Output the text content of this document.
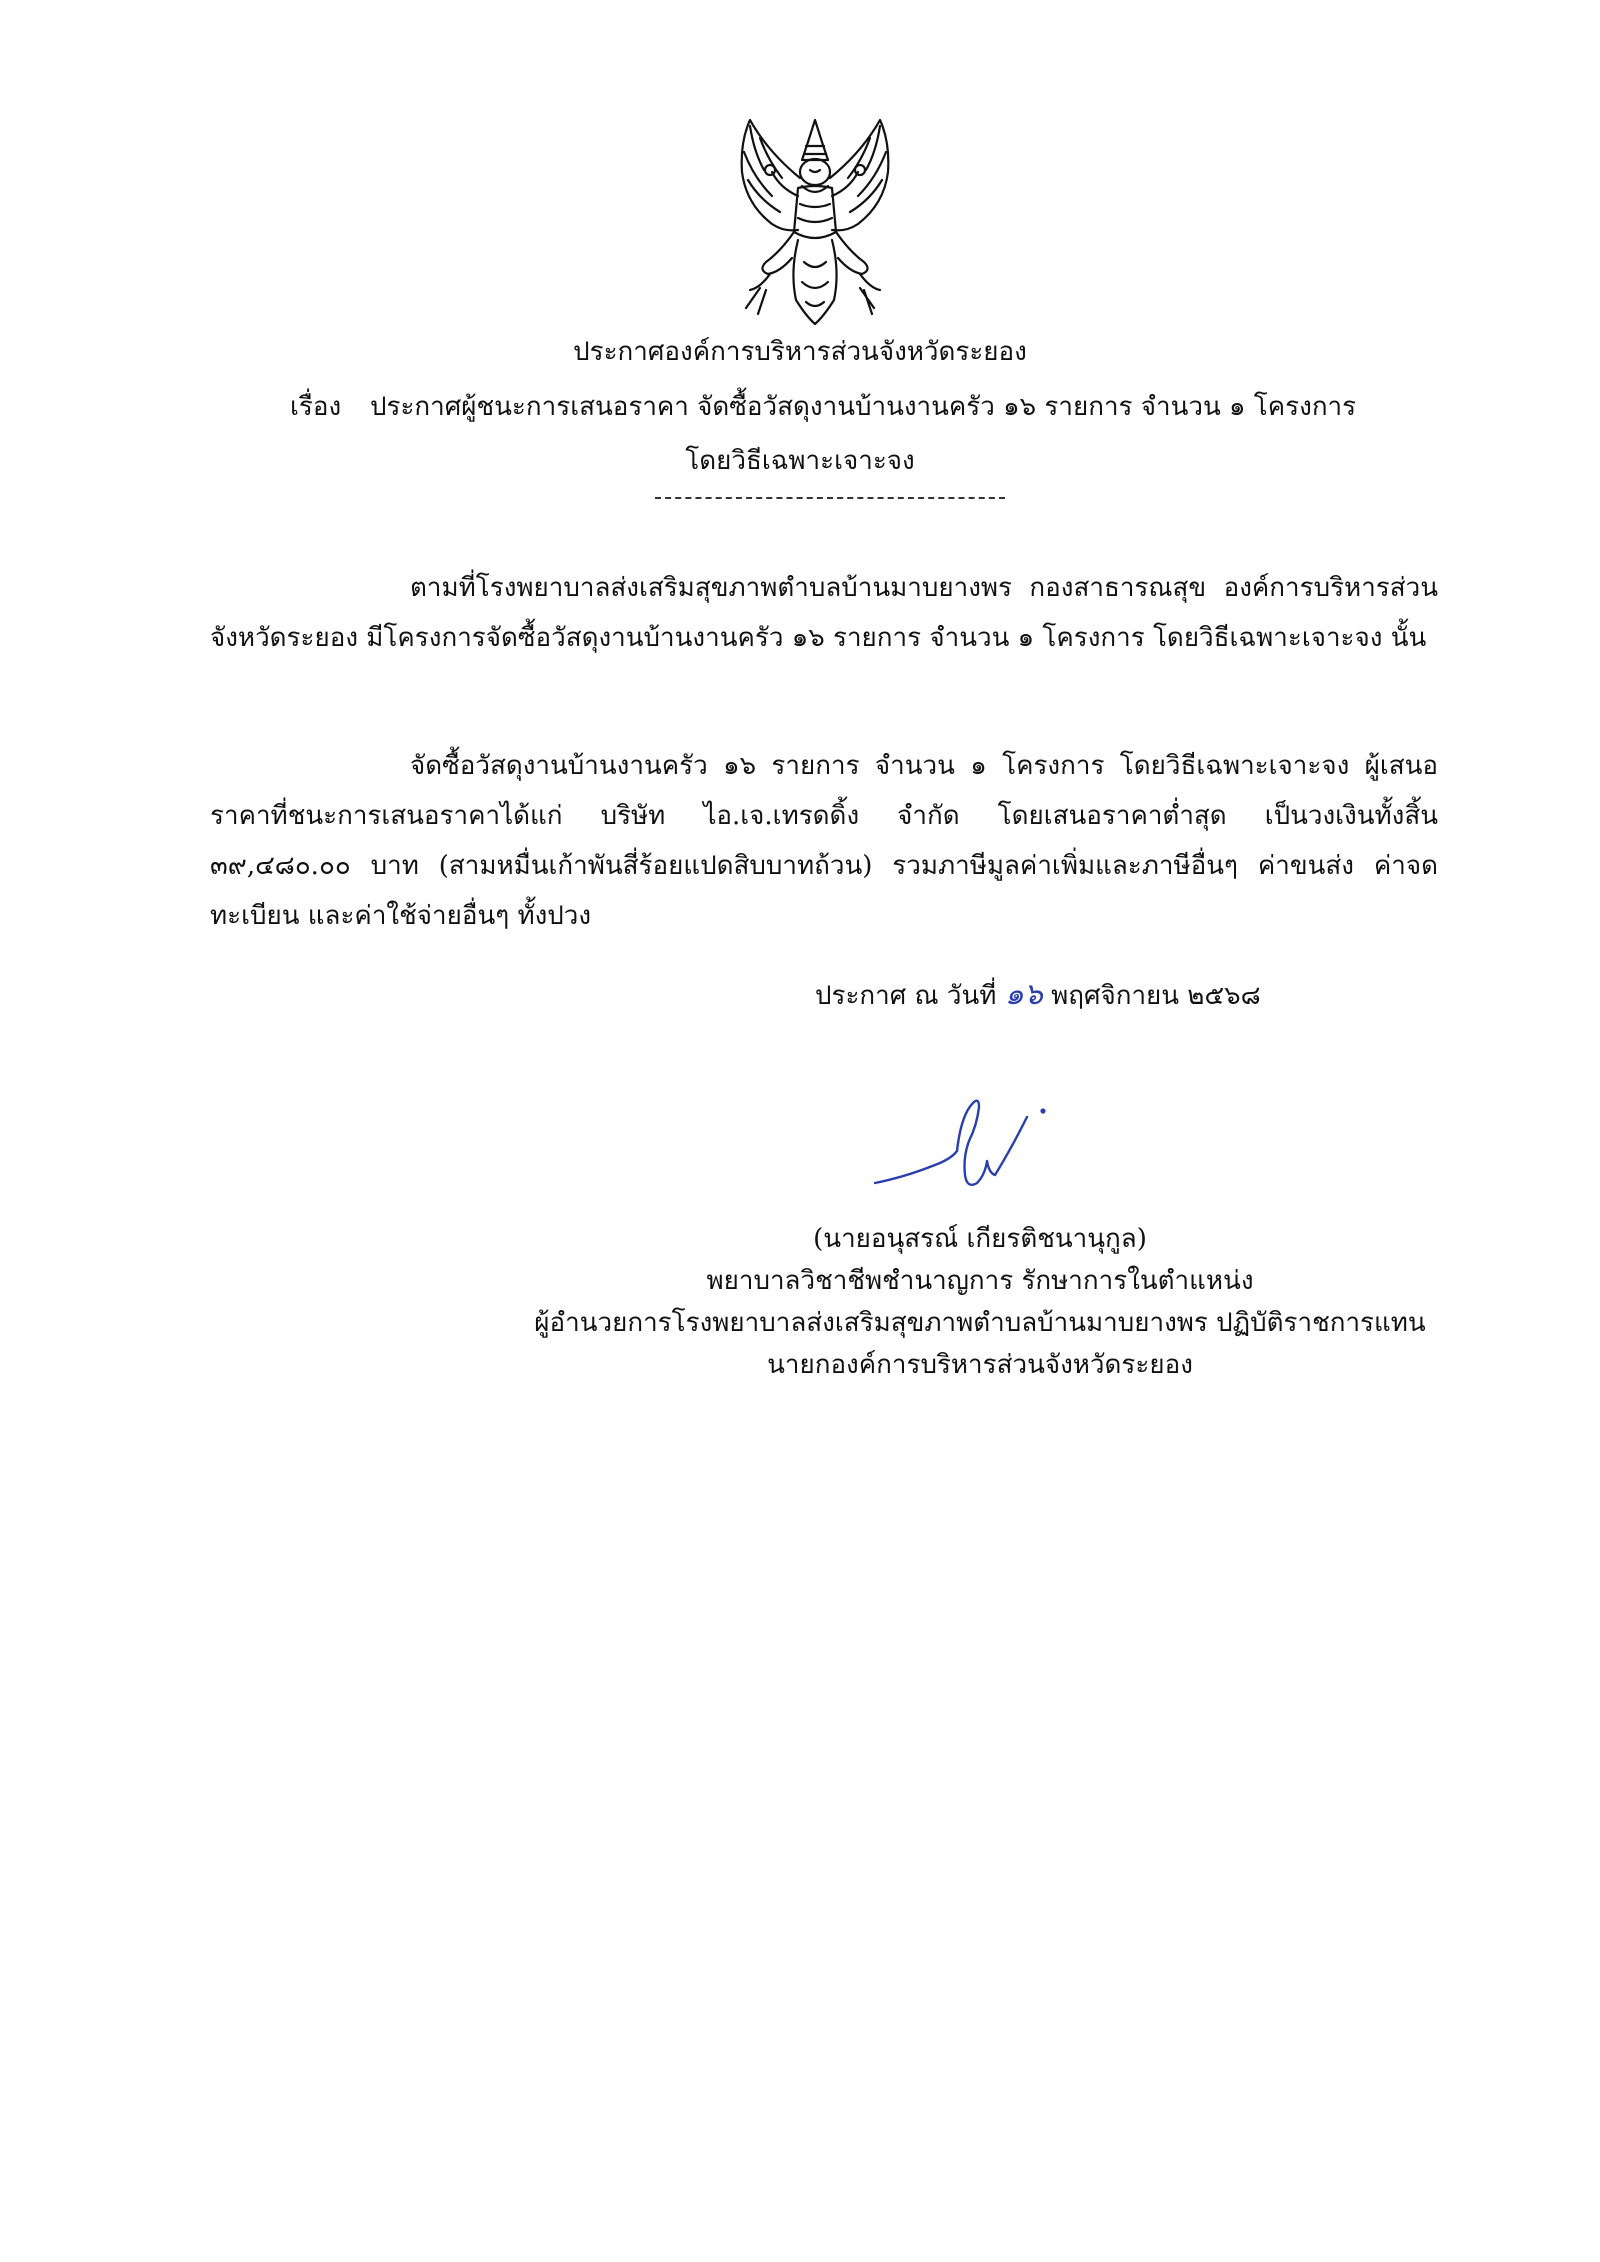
ประกาศองค์การบริหารส่วนจังหวัดระยอง
เรื่อง ประกาศผู้ชนะการเสนอราคา จัดซื้อวัสดุงานบ้านงานครัว ๑๖ รายการ จำนวน ๑ โครงการ
โดยวิธีเฉพาะเจาะจง
ตามที่โรงพยาบาลส่งเสริมสุขภาพตำบลบ้านมาบยางพร กองสาธารณสุข องค์การบริหารส่วนจังหวัดระยอง มีโครงการจัดซื้อวัสดุงานบ้านงานครัว ๑๖ รายการ จำนวน ๑ โครงการ โดยวิธีเฉพาะเจาะจง นั้น
จัดซื้อวัสดุงานบ้านงานครัว ๑๖ รายการ จำนวน ๑ โครงการ โดยวิธีเฉพาะเจาะจง ผู้เสนอราคาที่ชนะการเสนอราคาได้แก่ บริษัท ไอ.เจ.เทรดดิ้ง จำกัด โดยเสนอราคาต่ำสุด เป็นวงเงินทั้งสิ้น ๓๙,๔๘๐.๐๐ บาท (สามหมื่นเก้าพันสี่ร้อยแปดสิบบาทถ้วน) รวมภาษีมูลค่าเพิ่มและภาษีอื่นๆ ค่าขนส่ง ค่าจดทะเบียน และค่าใช้จ่ายอื่นๆ ทั้งปวง
ประกาศ ณ วันที่ ๑๖ พฤศจิกายน ๒๕๖๘
(นายอนุสรณ์ เกียรติชนานุกูล)
พยาบาลวิชาชีพชำนาญการ รักษาการในตำแหน่ง
ผู้อำนวยการโรงพยาบาลส่งเสริมสุขภาพตำบลบ้านมาบยางพร ปฏิบัติราชการแทน
นายกองค์การบริหารส่วนจังหวัดระยอง
